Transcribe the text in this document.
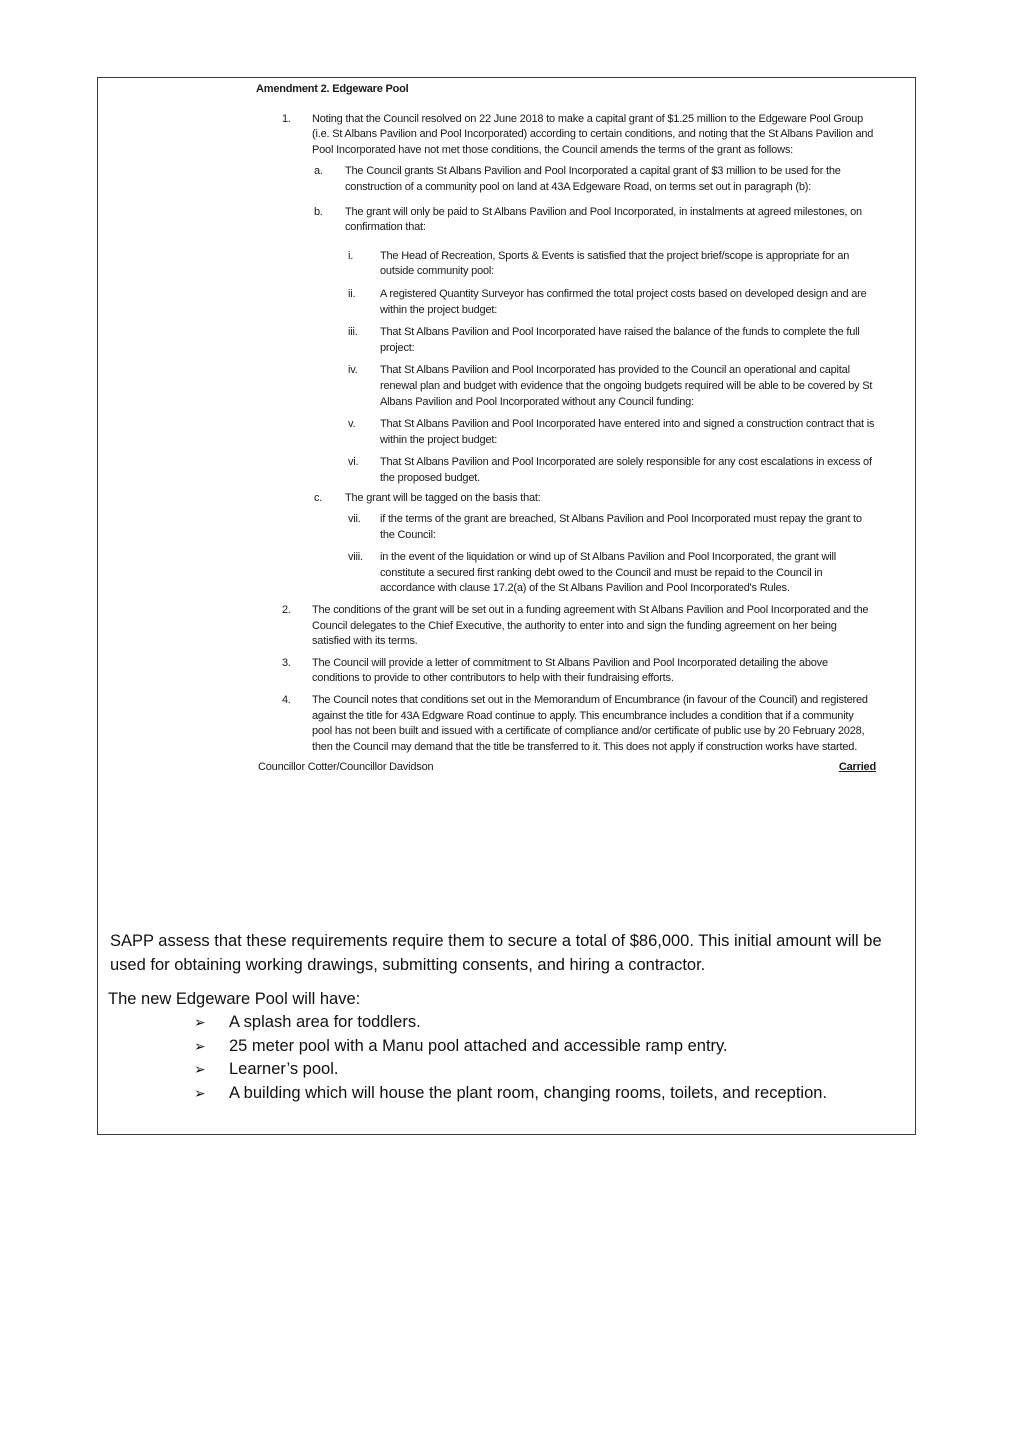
Amendment 2. Edgeware Pool
1. Noting that the Council resolved on 22 June 2018 to make a capital grant of $1.25 million to the Edgeware Pool Group (i.e. St Albans Pavilion and Pool Incorporated) according to certain conditions, and noting that the St Albans Pavilion and Pool Incorporated have not met those conditions, the Council amends the terms of the grant as follows:
a. The Council grants St Albans Pavilion and Pool Incorporated a capital grant of $3 million to be used for the construction of a community pool on land at 43A Edgeware Road, on terms set out in paragraph (b):
b. The grant will only be paid to St Albans Pavilion and Pool Incorporated, in instalments at agreed milestones, on confirmation that:
i. The Head of Recreation, Sports & Events is satisfied that the project brief/scope is appropriate for an outside community pool:
ii. A registered Quantity Surveyor has confirmed the total project costs based on developed design and are within the project budget:
iii. That St Albans Pavilion and Pool Incorporated have raised the balance of the funds to complete the full project:
iv. That St Albans Pavilion and Pool Incorporated has provided to the Council an operational and capital renewal plan and budget with evidence that the ongoing budgets required will be able to be covered by St Albans Pavilion and Pool Incorporated without any Council funding:
v. That St Albans Pavilion and Pool Incorporated have entered into and signed a construction contract that is within the project budget:
vi. That St Albans Pavilion and Pool Incorporated are solely responsible for any cost escalations in excess of the proposed budget.
c. The grant will be tagged on the basis that:
vii. if the terms of the grant are breached, St Albans Pavilion and Pool Incorporated must repay the grant to the Council:
viii. in the event of the liquidation or wind up of St Albans Pavilion and Pool Incorporated, the grant will constitute a secured first ranking debt owed to the Council and must be repaid to the Council in accordance with clause 17.2(a) of the St Albans Pavilion and Pool Incorporated's Rules.
2. The conditions of the grant will be set out in a funding agreement with St Albans Pavilion and Pool Incorporated and the Council delegates to the Chief Executive, the authority to enter into and sign the funding agreement on her being satisfied with its terms.
3. The Council will provide a letter of commitment to St Albans Pavilion and Pool Incorporated detailing the above conditions to provide to other contributors to help with their fundraising efforts.
4. The Council notes that conditions set out in the Memorandum of Encumbrance (in favour of the Council) and registered against the title for 43A Edgware Road continue to apply. This encumbrance includes a condition that if a community pool has not been built and issued with a certificate of compliance and/or certificate of public use by 20 February 2028, then the Council may demand that the title be transferred to it. This does not apply if construction works have started.
Councillor Cotter/Councillor Davidson	Carried
SAPP assess that these requirements require them to secure a total of $86,000. This initial amount will be used for obtaining working drawings, submitting consents, and hiring a contractor.
The new Edgeware Pool will have:
➢ A splash area for toddlers.
➢ 25 meter pool with a Manu pool attached and accessible ramp entry.
➢ Learner’s pool.
➢ A building which will house the plant room, changing rooms, toilets, and reception.
